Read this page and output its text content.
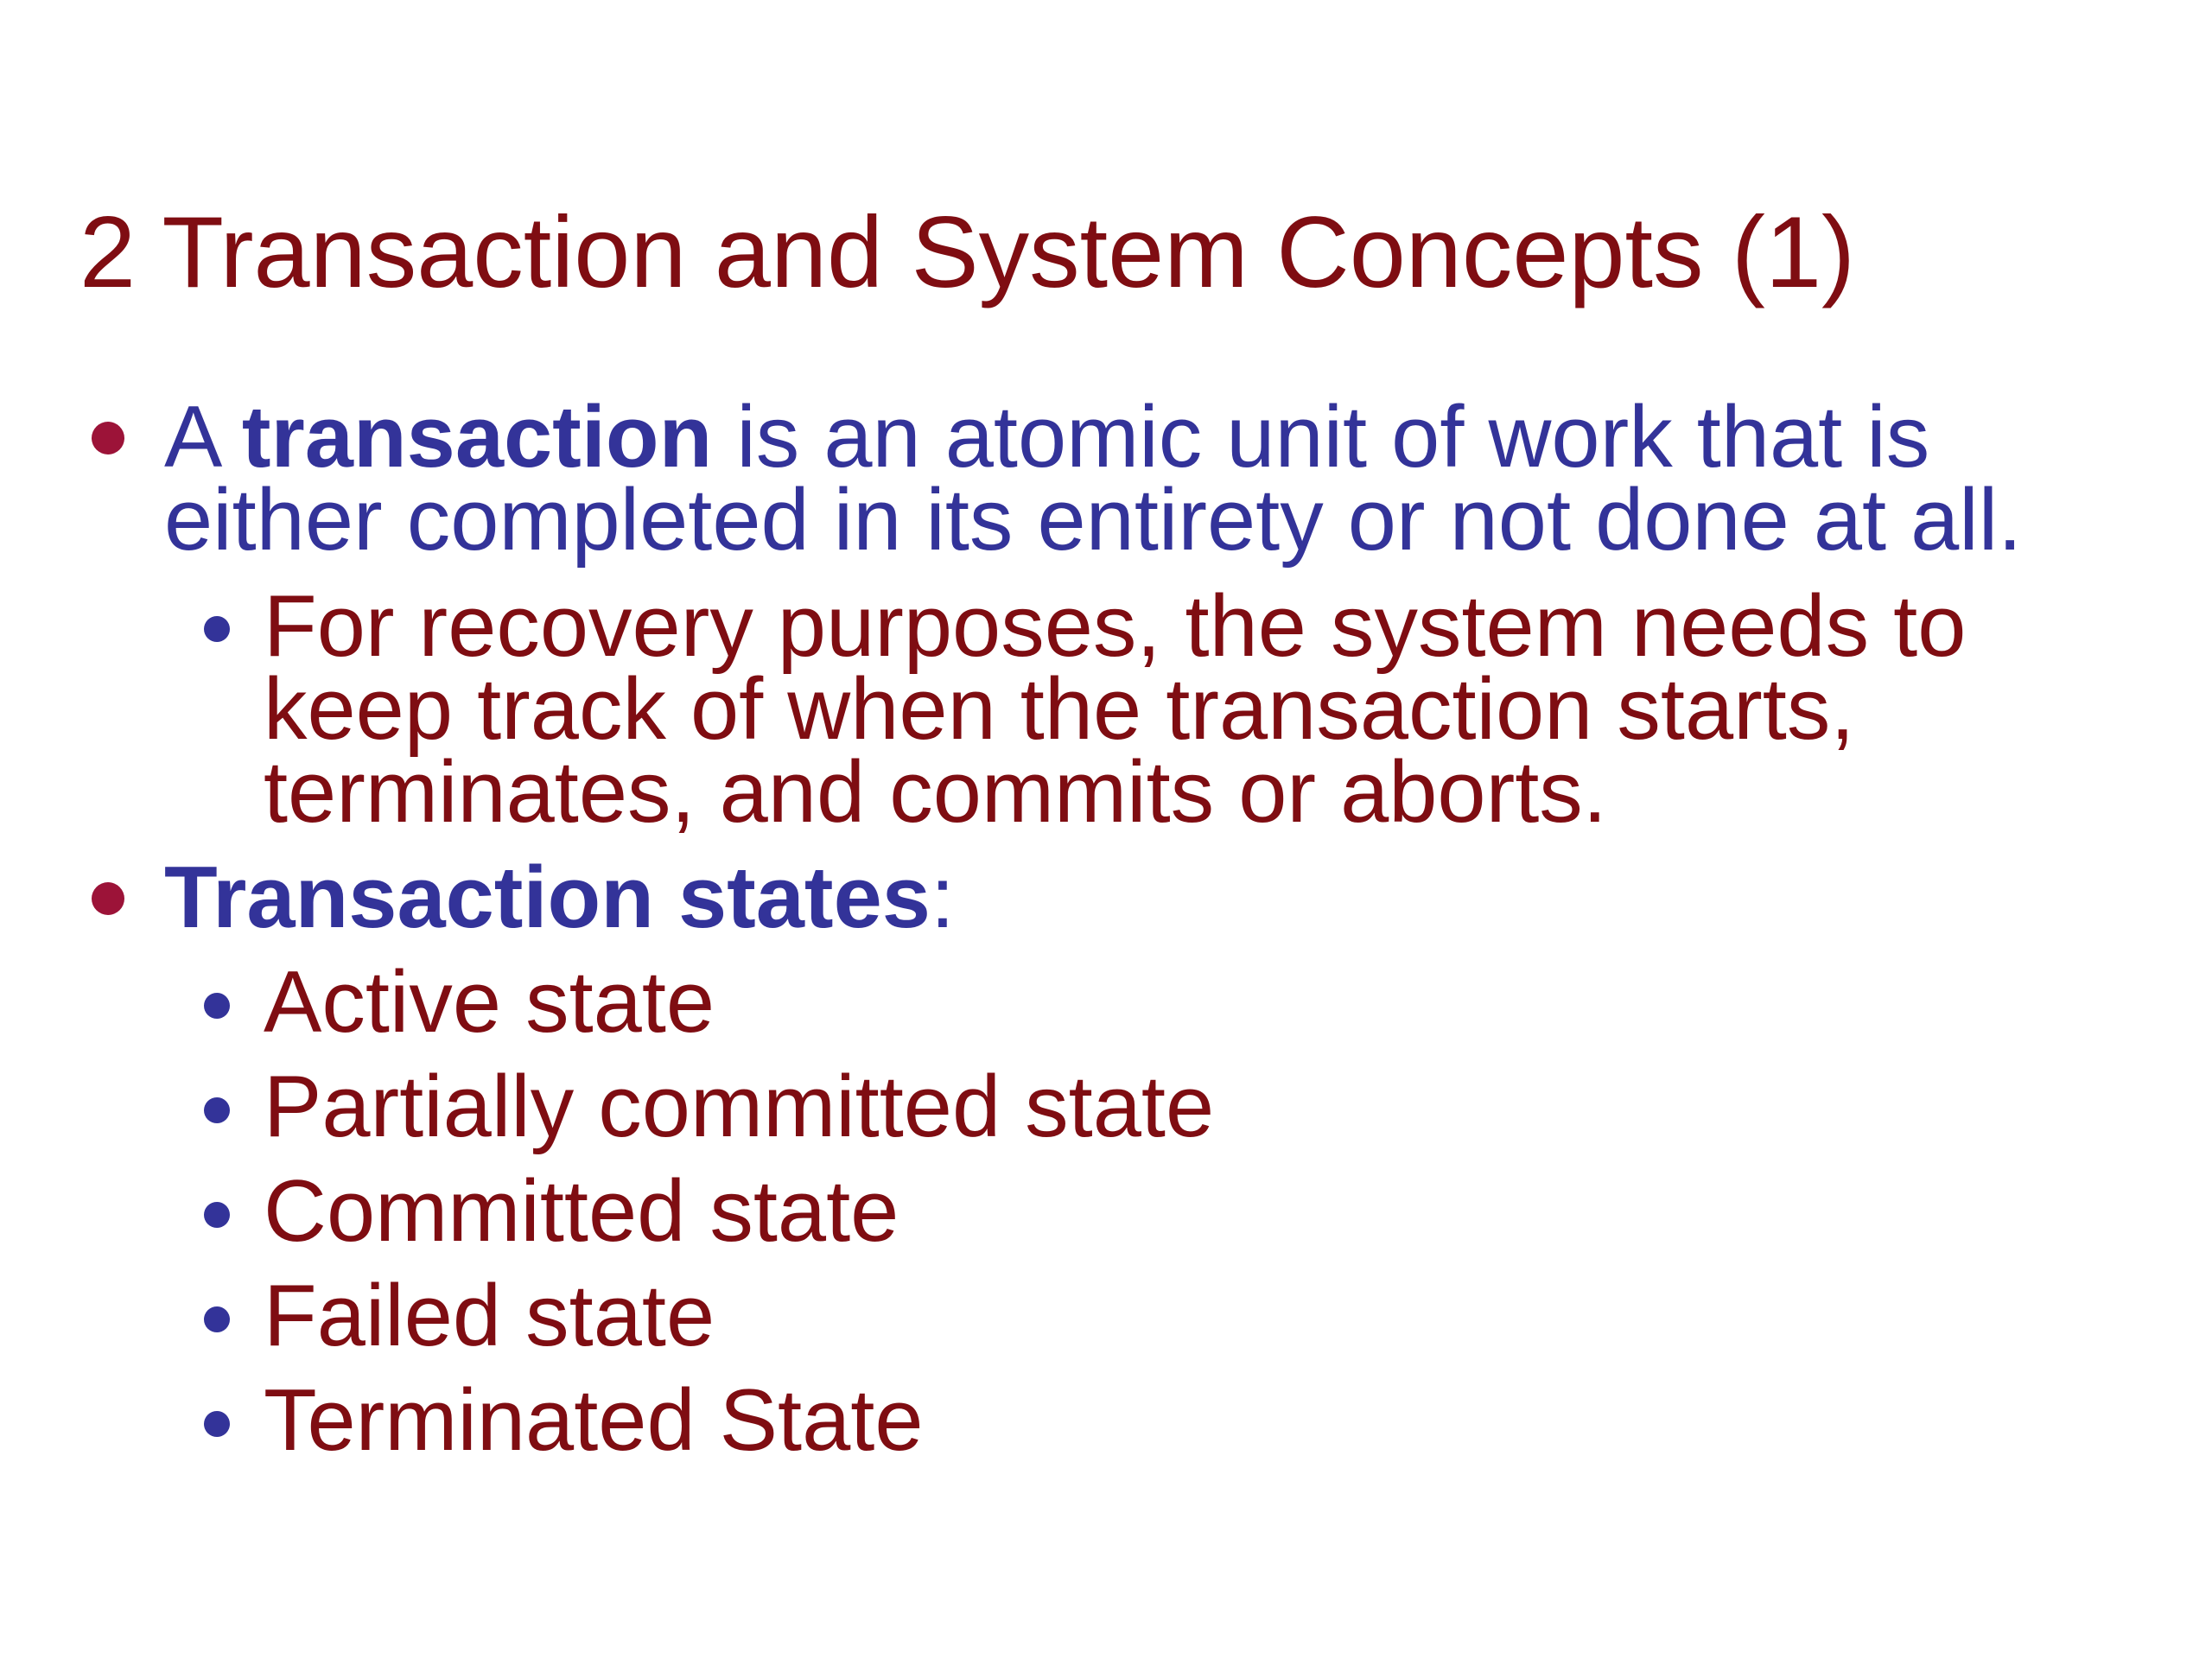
2 Transaction and System Concepts (1)
A transaction is an atomic unit of work that is
either completed in its entirety or not done at all.
For recovery purposes, the system needs to
keep track of when the transaction starts,
terminates, and commits or aborts.
Transaction states:
Active state
Partially committed state
Committed state
Failed state
Terminated State
